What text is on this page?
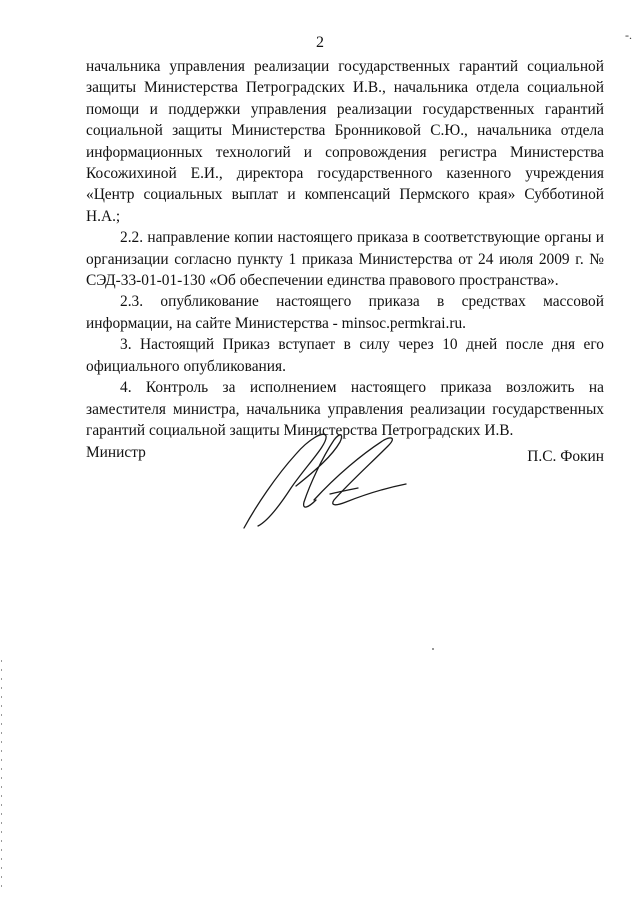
2	-.

начальника управления реализации государственных гарантий социальной защиты Министерства Петроградских И.В., начальника отдела социальной помощи и поддержки управления реализации государственных гарантий социальной защиты Министерства Бронниковой С.Ю., начальника отдела информационных технологий и сопровождения регистра Министерства Косожихиной Е.И., директора государственного казенного учреждения «Центр социальных выплат и компенсаций Пермского края» Субботиной Н.А.;

2.2. направление копии настоящего приказа в соответствующие органы и организации согласно пункту 1 приказа Министерства от 24 июля 2009 г. № СЭД-33-01-01-130 «Об обеспечении единства правового пространства».

2.3. опубликование настоящего приказа в средствах массовой информации, на сайте Министерства - minsoc.permkrai.ru.

3. Настоящий Приказ вступает в силу через 10 дней после дня его официального опубликования.

4. Контроль за исполнением настоящего приказа возложить на заместителя министра, начальника управления реализации государственных гарантий социальной защиты Министерства Петроградских И.В.

Министр	П.С. Фокин
